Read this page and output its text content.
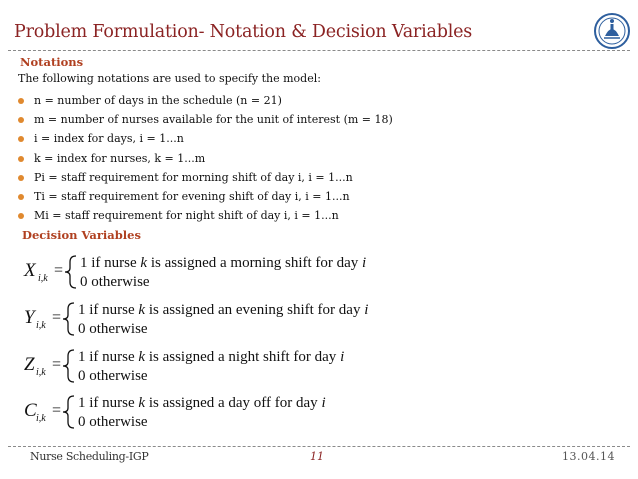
Problem Formulation- Notation & Decision Variables
Notations
The following notations are used to specify the model:
n = number of days in the schedule (n = 21)
m = number of nurses available for the unit of interest (m = 18)
i = index for days, i = 1...n
k = index for nurses, k = 1...m
Pi = staff requirement for morning shift of day i, i = 1...n
Ti = staff requirement for evening shift of day i, i = 1...n
Mi = staff requirement for night shift of day i, i = 1...n
Decision Variables
X i,k = 1 if nurse k is assigned a morning shift for day i
0 otherwise
Y i,k = 1 if nurse k is assigned an evening shift for day i
0 otherwise
Z i,k = 1 if nurse k is assigned a night shift for day i
0 otherwise
C i,k = 1 if nurse k is assigned a day off for day i
0 otherwise
Nurse Scheduling-IGP	11	13.04.14
